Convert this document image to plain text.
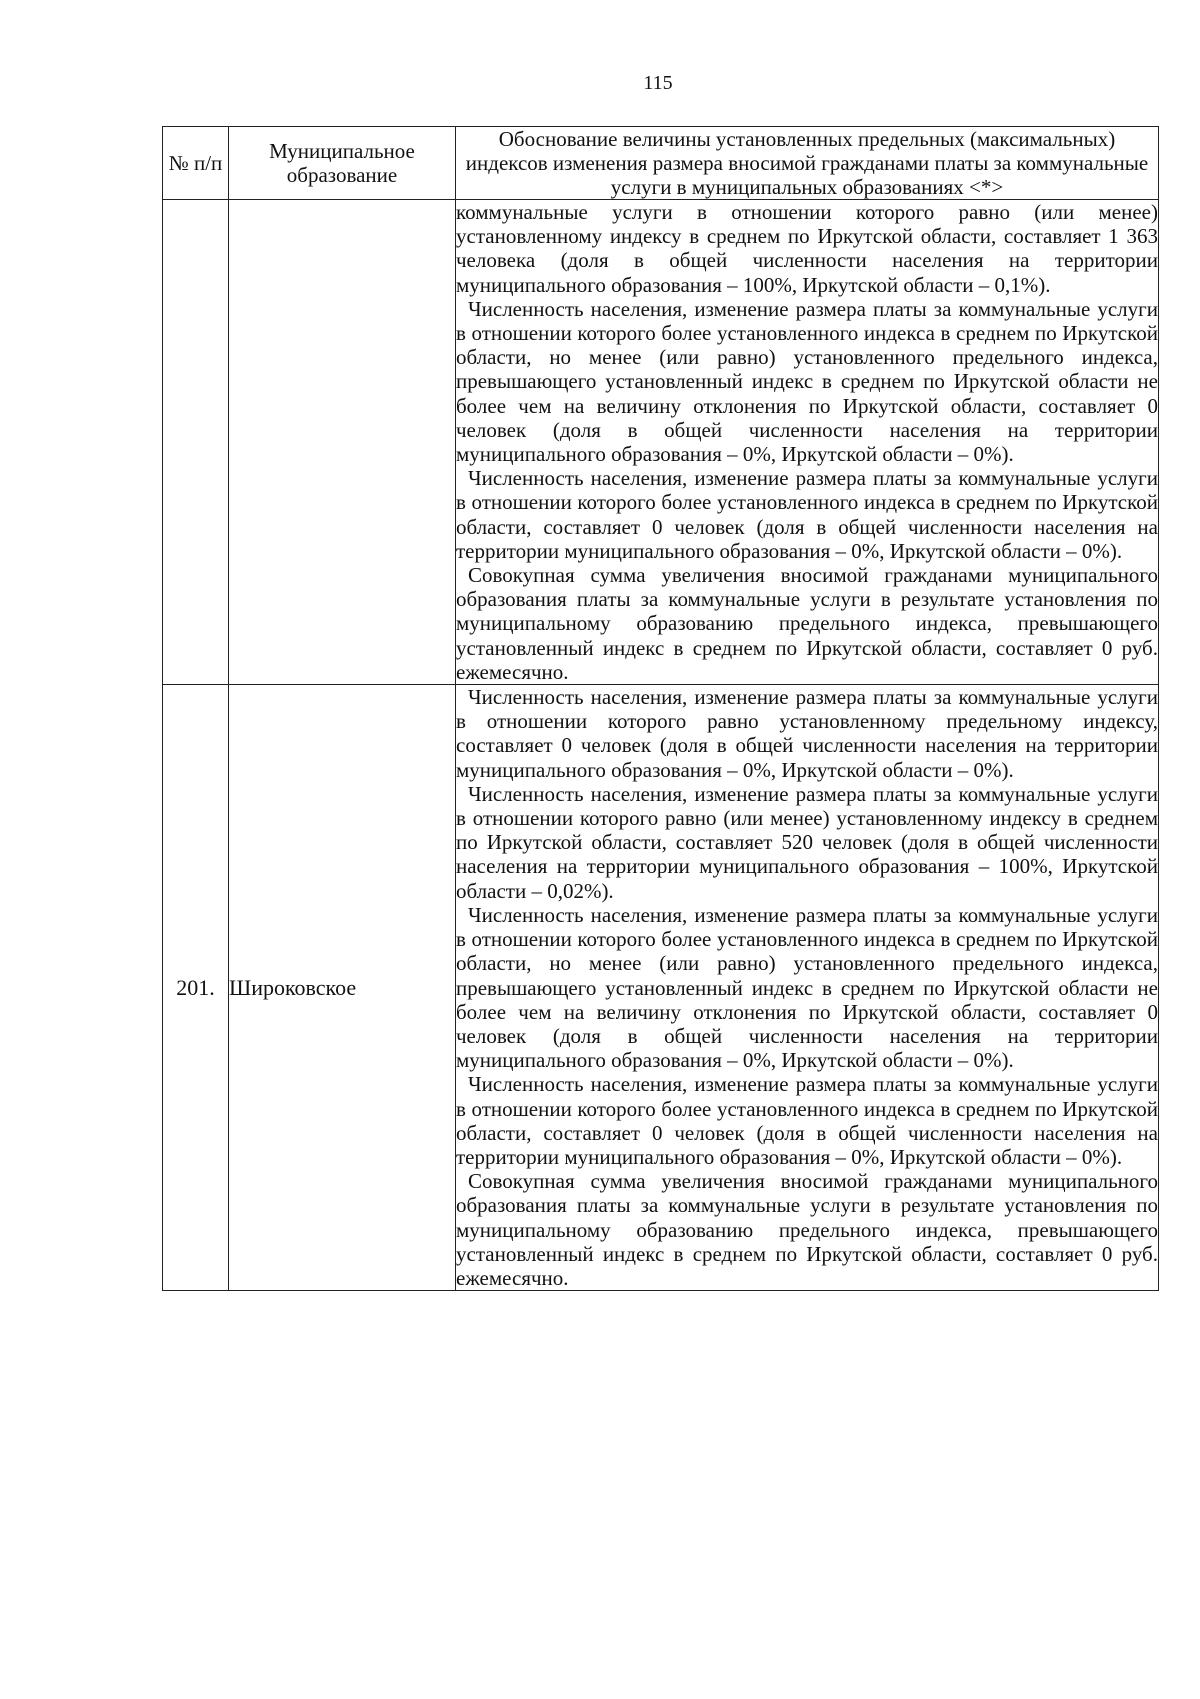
115
№ п/п	Муниципальное образование	Обоснование величины установленных предельных (максимальных) индексов изменения размера вносимой гражданами платы за коммунальные услуги в муниципальных образованиях <*>

		коммунальные услуги в отношении которого равно (или менее) установленному индексу в среднем по Иркутской области, составляет 1 363 человека (доля в общей численности населения на территории муниципального образования – 100%, Иркутской области – 0,1%).

Численность населения, изменение размера платы за коммунальные услуги в отношении которого более установленного индекса в среднем по Иркутской области, но менее (или равно) установленного предельного индекса, превышающего установленный индекс в среднем по Иркутской области не более чем на величину отклонения по Иркутской области, составляет 0 человек (доля в общей численности населения на территории муниципального образования – 0%, Иркутской области – 0%).

Численность населения, изменение размера платы за коммунальные услуги в отношении которого более установленного индекса в среднем по Иркутской области, составляет 0 человек (доля в общей численности населения на территории муниципального образования – 0%, Иркутской области – 0%).

Совокупная сумма увеличения вносимой гражданами муниципального образования платы за коммунальные услуги в результате установления по муниципальному образованию предельного индекса, превышающего установленный индекс в среднем по Иркутской области, составляет 0 руб. ежемесячно.

201.	Широковское	Численность населения, изменение размера платы за коммунальные услуги в отношении которого равно установленному предельному индексу, составляет 0 человек (доля в общей численности населения на территории муниципального образования – 0%, Иркутской области – 0%).

Численность населения, изменение размера платы за коммунальные услуги в отношении которого равно (или менее) установленному индексу в среднем по Иркутской области, составляет 520 человек (доля в общей численности населения на территории муниципального образования – 100%, Иркутской области – 0,02%).

Численность населения, изменение размера платы за коммунальные услуги в отношении которого более установленного индекса в среднем по Иркутской области, но менее (или равно) установленного предельного индекса, превышающего установленный индекс в среднем по Иркутской области не более чем на величину отклонения по Иркутской области, составляет 0 человек (доля в общей численности населения на территории муниципального образования – 0%, Иркутской области – 0%).

Численность населения, изменение размера платы за коммунальные услуги в отношении которого более установленного индекса в среднем по Иркутской области, составляет 0 человек (доля в общей численности населения на территории муниципального образования – 0%, Иркутской области – 0%).

Совокупная сумма увеличения вносимой гражданами муниципального образования платы за коммунальные услуги в результате установления по муниципальному образованию предельного индекса, превышающего установленный индекс в среднем по Иркутской области, составляет 0 руб. ежемесячно.
